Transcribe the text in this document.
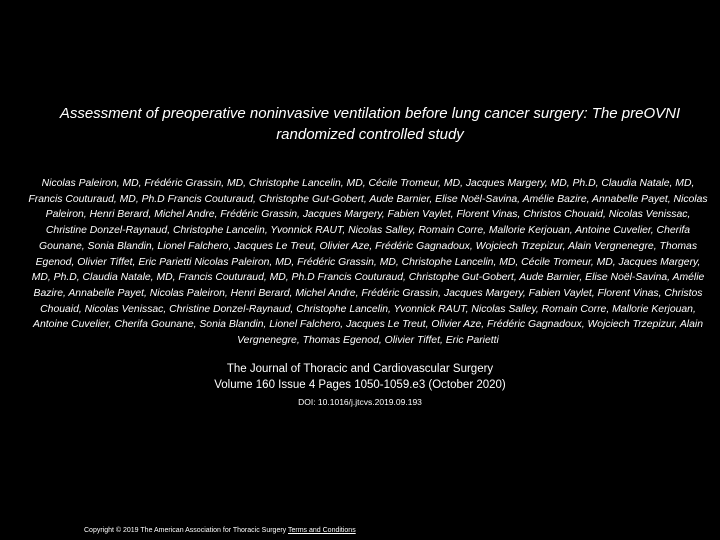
Assessment of preoperative noninvasive ventilation before lung cancer surgery: The preOVNI randomized controlled study
Nicolas Paleiron, MD, Frédéric Grassin, MD, Christophe Lancelin, MD, Cécile Tromeur, MD, Jacques Margery, MD, Ph.D, Claudia Natale, MD, Francis Couturaud, MD, Ph.D Francis Couturaud, Christophe Gut-Gobert, Aude Barnier, Elise Noël-Savina, Amélie Bazire, Annabelle Payet, Nicolas Paleiron, Henri Berard, Michel Andre, Frédéric Grassin, Jacques Margery, Fabien Vaylet, Florent Vinas, Christos Chouaid, Nicolas Venissac, Christine Donzel-Raynaud, Christophe Lancelin, Yvonnick RAUT, Nicolas Salley, Romain Corre, Mallorie Kerjouan, Antoine Cuvelier, Cherifa Gounane, Sonia Blandin, Lionel Falchero, Jacques Le Treut, Olivier Aze, Frédéric Gagnadoux, Wojciech Trzepizur, Alain Vergnenegre, Thomas Egenod, Olivier Tiffet, Eric Parietti Nicolas Paleiron, MD, Frédéric Grassin, MD, Christophe Lancelin, MD, Cécile Tromeur, MD, Jacques Margery, MD, Ph.D, Claudia Natale, MD, Francis Couturaud, MD, Ph.D Francis Couturaud, Christophe Gut-Gobert, Aude Barnier, Elise Noël-Savina, Amélie Bazire, Annabelle Payet, Nicolas Paleiron, Henri Berard, Michel Andre, Frédéric Grassin, Jacques Margery, Fabien Vaylet, Florent Vinas, Christos Chouaid, Nicolas Venissac, Christine Donzel-Raynaud, Christophe Lancelin, Yvonnick RAUT, Nicolas Salley, Romain Corre, Mallorie Kerjouan, Antoine Cuvelier, Cherifa Gounane, Sonia Blandin, Lionel Falchero, Jacques Le Treut, Olivier Aze, Frédéric Gagnadoux, Wojciech Trzepizur, Alain Vergnenegre, Thomas Egenod, Olivier Tiffet, Eric Parietti
The Journal of Thoracic and Cardiovascular Surgery
Volume 160 Issue 4 Pages 1050-1059.e3 (October 2020)
DOI: 10.1016/j.jtcvs.2019.09.193
Copyright © 2019 The American Association for Thoracic Surgery Terms and Conditions
